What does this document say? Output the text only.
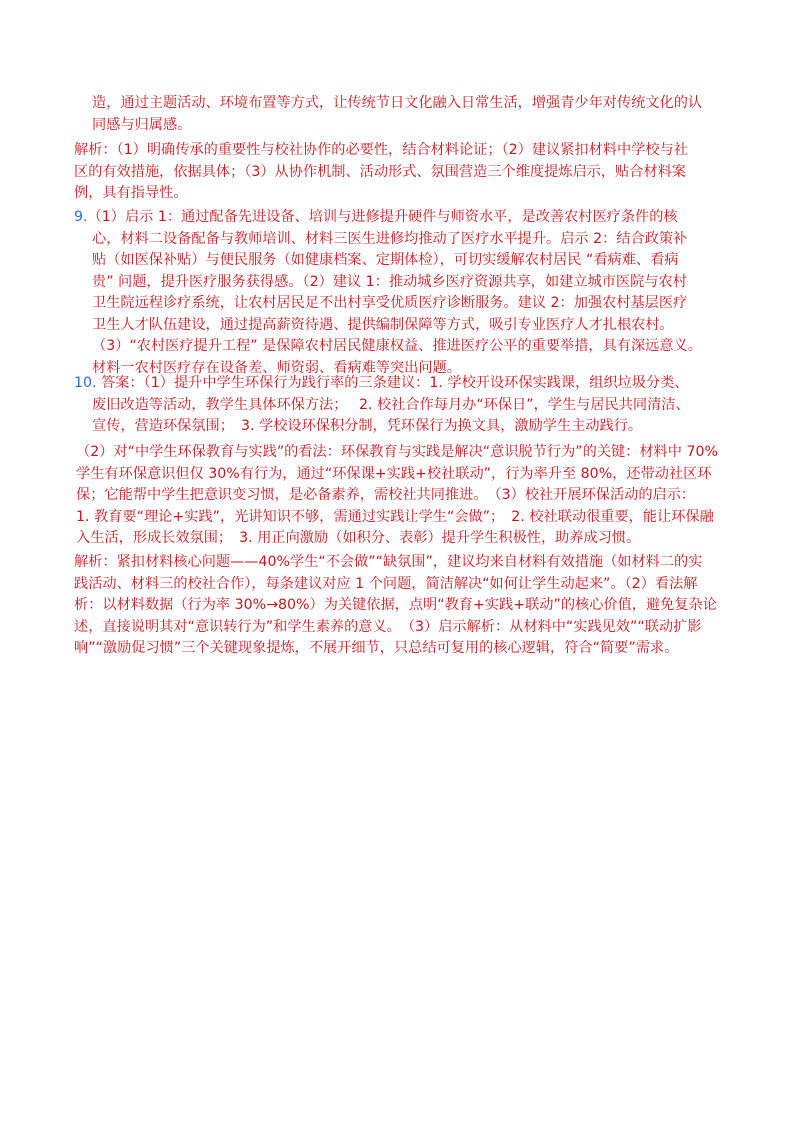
造，通过主题活动、环境布置等方式，让传统节日文化融入日常生活，增强青少年对传统文化的认
同感与归属感。
解析：（1）明确传承的重要性与校社协作的必要性，结合材料论证；（2）建议紧扣材料中学校与社
区的有效措施，依据具体；（3）从协作机制、活动形式、氛围营造三个维度提炼启示，贴合材料案
例，具有指导性。
9.（1）启示 1：通过配备先进设备、培训与进修提升硬件与师资水平，是改善农村医疗条件的核
心，材料二设备配备与教师培训、材料三医生进修均推动了医疗水平提升。启示 2：结合政策补
贴（如医保补贴）与便民服务（如健康档案、定期体检），可切实缓解农村居民 “看病难、看病
贵” 问题，提升医疗服务获得感。（2）建议 1：推动城乡医疗资源共享，如建立城市医院与农村
卫生院远程诊疗系统，让农村居民足不出村享受优质医疗诊断服务。建议 2：加强农村基层医疗
卫生人才队伍建设，通过提高薪资待遇、提供编制保障等方式，吸引专业医疗人才扎根农村。
（3）“农村医疗提升工程” 是保障农村居民健康权益、推进医疗公平的重要举措，具有深远意义。
材料一农村医疗存在设备差、师资弱、看病难等突出问题。
10. 答案：（1）提升中学生环保行为践行率的三条建议：1. 学校开设环保实践课，组织垃圾分类、
废旧改造等活动，教学生具体环保方法；　 2. 校社合作每月办“环保日”，学生与居民共同清洁、
宣传，营造环保氛围；　3. 学校设环保积分制，凭环保行为换文具，激励学生主动践行。
（2）对“中学生环保教育与实践”的看法：环保教育与实践是解决“意识脱节行为”的关键：材料中 70%
学生有环保意识但仅 30%有行为，通过“环保课+实践+校社联动”，行为率升至 80%，还带动社区环
保；它能帮中学生把意识变习惯，是必备素养，需校社共同推进。　（3）校社开展环保活动的启示：
1. 教育要“理论+实践”，光讲知识不够，需通过实践让学生“会做”；　2. 校社联动很重要，能让环保融
入生活，形成长效氛围；　3. 用正向激励（如积分、表彰）提升学生积极性，助养成习惯。
解析：紧扣材料核心问题——40%学生“不会做”“缺氛围”，建议均来自材料有效措施（如材料二的实
践活动、材料三的校社合作），每条建议对应 1 个问题，简洁解决“如何让学生动起来”。（2）看法解
析：以材料数据（行为率 30%→80%）为关键依据，点明“教育+实践+联动”的核心价值，避免复杂论
述，直接说明其对“意识转行为”和学生素养的意义。　（3）启示解析：从材料中“实践见效”“联动扩影
响”“激励促习惯”三个关键现象提炼，不展开细节，只总结可复用的核心逻辑，符合“简要”需求。
